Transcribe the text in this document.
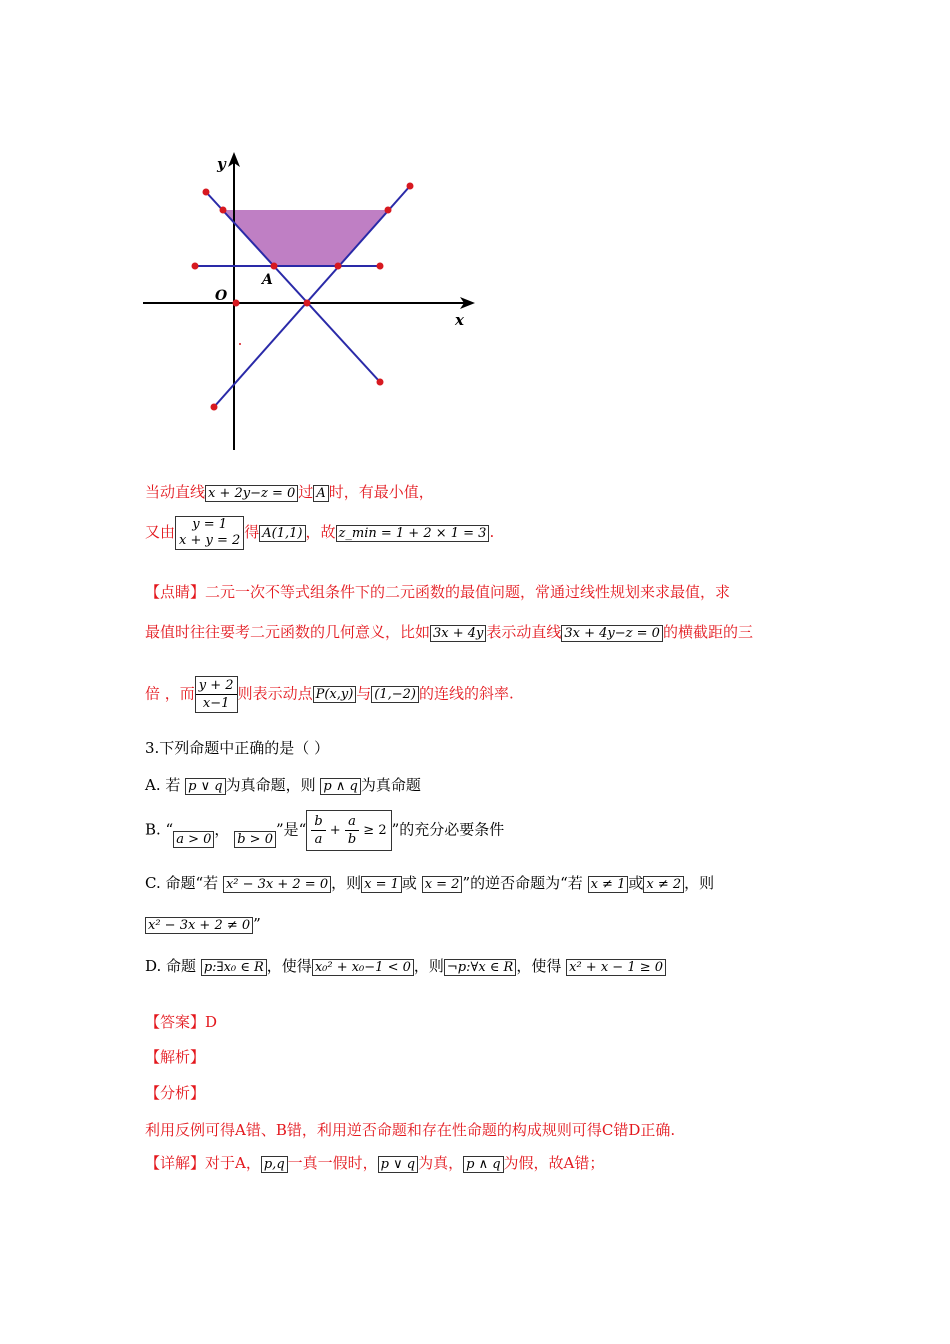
y
x
O
A
当动直线 x + 2y−z = 0 过 A 时，有最小值，
又由	y = 1
x + y = 2 得 A(1,1) ，故 z_min = 1 + 2 × 1 = 3 .
【点睛】二元一次不等式组条件下的二元函数的最值问题，常通过线性规划来求最值，求
最值时往往要考二元函数的几何意义，比如 3x + 4y 表示动直线 3x + 4y−z = 0 的横截距的三
倍 ，而 $\frac{y + 2}{x-1}$ 则表示动点 P(x,y) 与 (1,−2) 的连线的斜率.
3.下列命题中正确的是（ ）
A. 若 p ∨ q 为真命题，则 p ∧ q 为真命题
B. “a > 0， b > 0”是“ $\frac{b}{a} + \frac{a}{b} \ge 2$ ”的充分必要条件
C. 命题“若 x² − 3x + 2 = 0 ，则 x = 1 或 x = 2 ”的逆否命题为“若 x ≠ 1 或 x ≠ 2 ，则
x² − 3x + 2 ≠ 0 ”
D. 命题 p:∃x₀ ∈ R ，使得 x₀² + x₀−1 < 0 ，则 ¬p:∀x ∈ R ，使得 x² + x − 1 ≥ 0
【答案】D
【解析】
【分析】
利用反例可得A错、B错，利用逆否命题和存在性命题的构成规则可得C错D正确.
【详解】对于A， p,q 一真一假时， p ∨ q 为真， p ∧ q 为假，故A错；
